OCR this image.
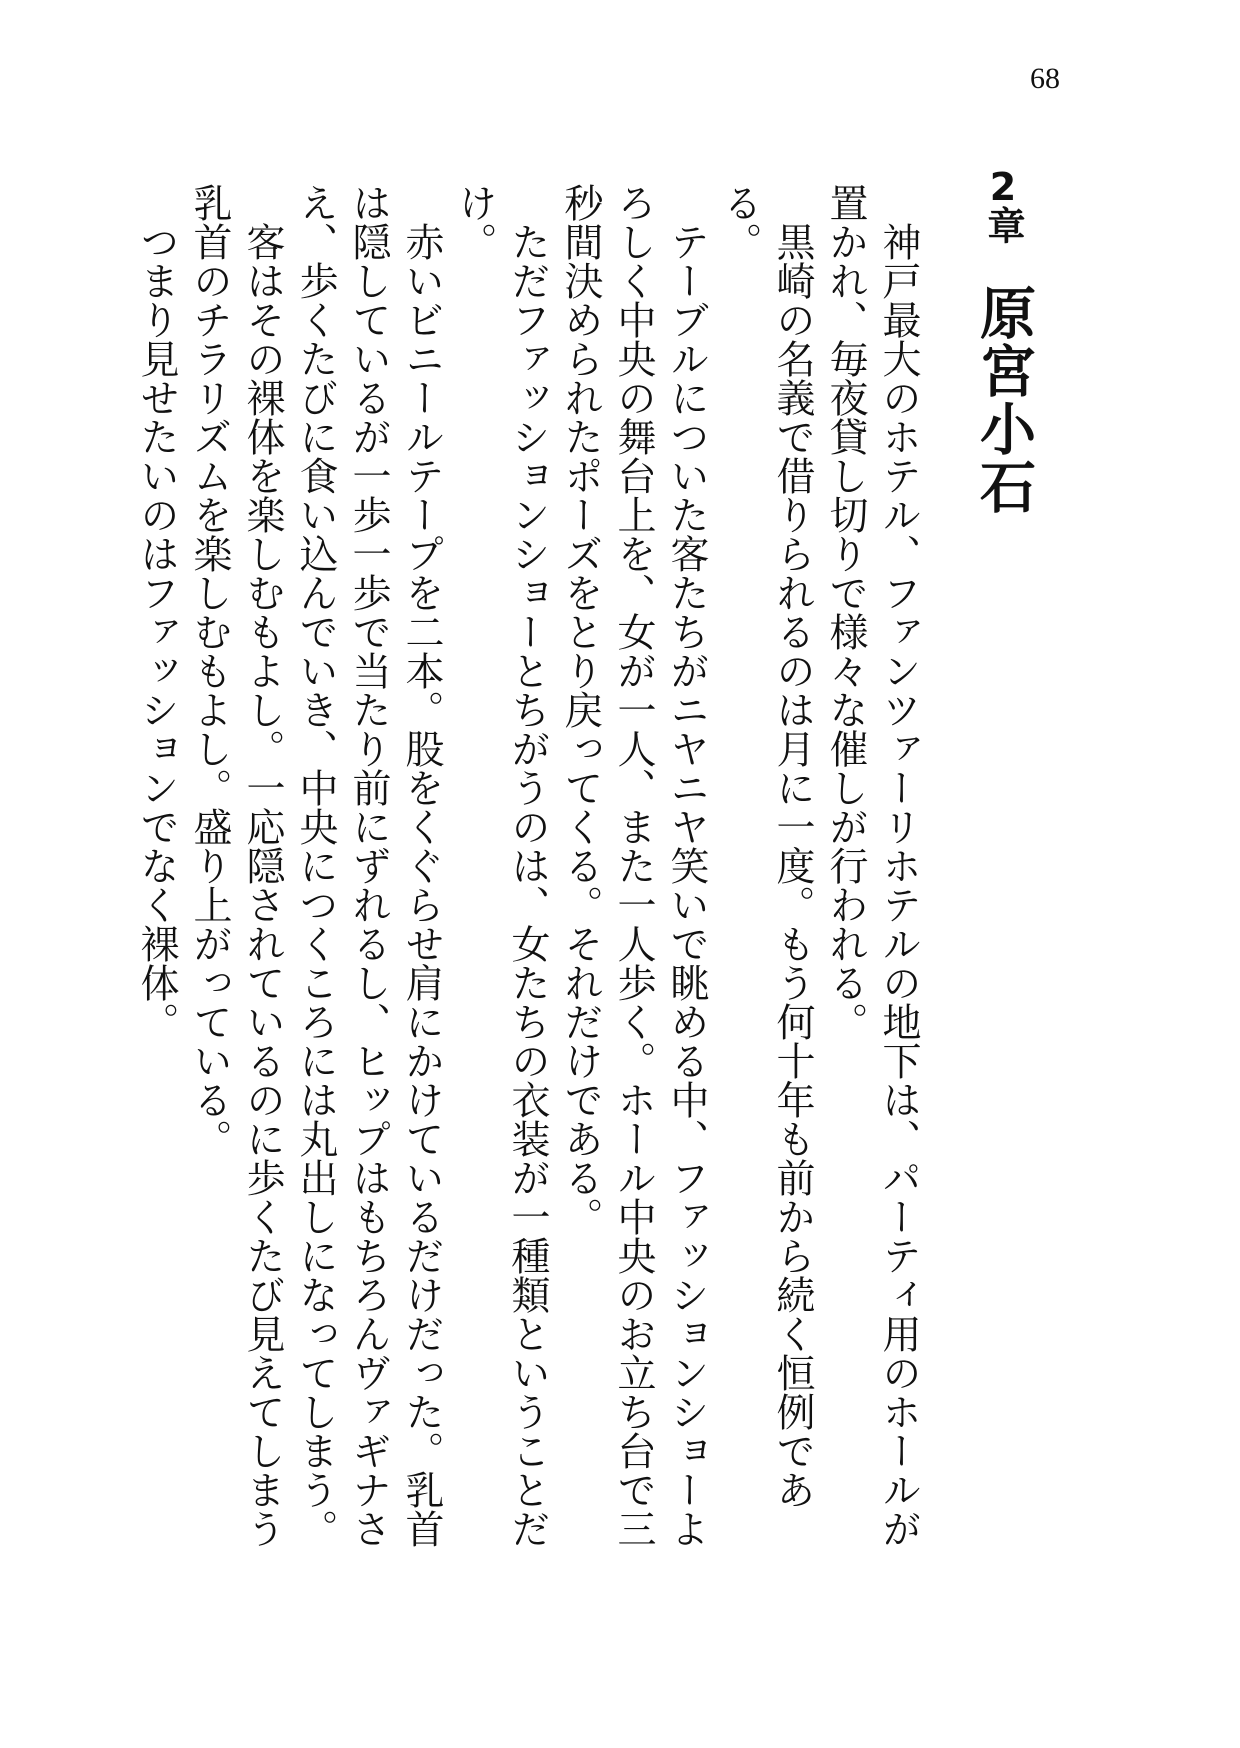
68
2章原宮小石

神戸最大のホテル、ファンツァーリホテルの地下は、パーティ用のホールが置かれ、毎夜貸し切りで様々な催しが行われる。

黒崎の名義で借りられるのは月に一度。もう何十年も前から続く恒例である。

テーブルについた客たちがニヤニヤ笑いで眺める中、ファッションショーよろしく中央の舞台上を、女が一人、また一人歩く。ホール中央のお立ち台で三秒間決められたポーズをとり戻ってくる。それだけである。

ただファッションショーとちがうのは、女たちの衣装が一種類ということだけ。

赤いビニールテープを二本。股をくぐらせ肩にかけているだけだった。乳首は隠しているが一歩一歩で当たり前にずれるし、ヒップはもちろんヴァギナさえ、歩くたびに食い込んでいき、中央につくころには丸出しになってしまう。

客はその裸体を楽しむもよし。一応隠されているのに歩くたび見えてしまう乳首のチラリズムを楽しむもよし。盛り上がっている。

つまり見せたいのはファッションでなく裸体。
